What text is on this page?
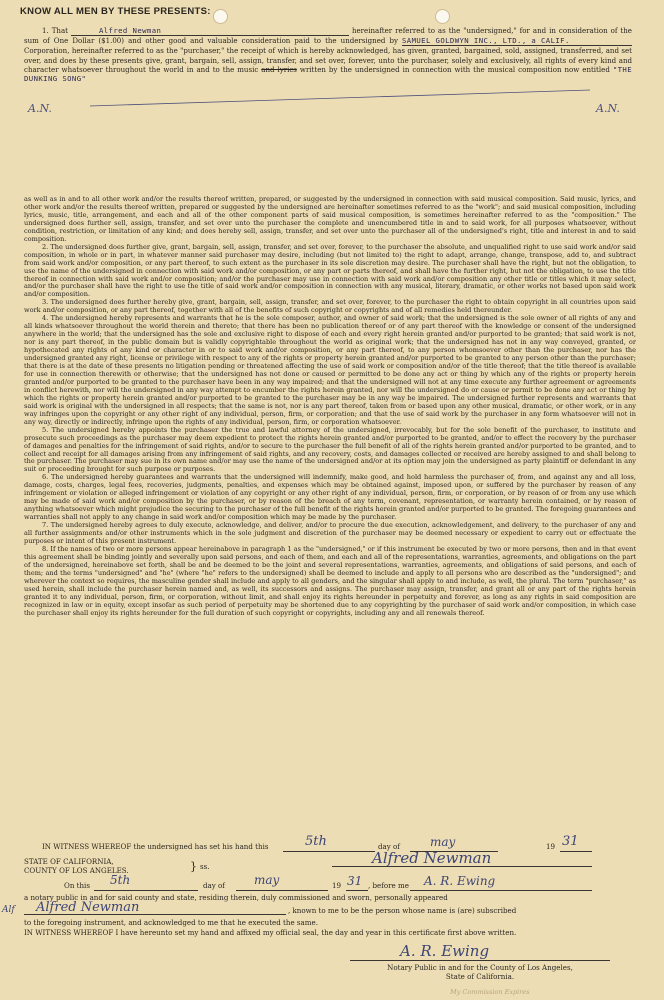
KNOW ALL MEN BY THESE PRESENTS:

1. That	Alfred Newman	hereinafter referred to as the "undersigned," for and in consideration of the sum of One Dollar ($1.00) and other good and valuable consideration paid to the undersigned by SAMUEL GOLDWYN INC., LTD., a CALIF. Corporation, hereinafter referred to as the "purchaser," the receipt of which is hereby acknowledged, has given, granted, bargained, sold, assigned, transferred, and set over, and does by these presents give, grant, bargain, sell, assign, transfer, and set over, forever, unto the purchaser, solely and exclusively, all rights of every kind and character whatsoever throughout the world in and to the music and lyrics written by the undersigned in connection with the musical composition now entitled "THE DUNKING SONG"

A.N.	A.N.

as well as in and to all other work and/or the results thereof written, prepared, or suggested by the undersigned in connection with said musical composition. Said music, lyrics, and other work and/or the results thereof written, prepared or suggested by the undersigned are hereinafter sometimes referred to as the "work"; and said musical composition, including lyrics, music, title, arrangement, and each and all of the other component parts of said musical composition, is sometimes hereinafter referred to as the "composition." The undersigned does further sell, assign, transfer, and set over unto the purchaser the complete and unencumbered title in and to said work, for all purposes whatsoever, without condition, restriction, or limitation of any kind; and does hereby sell, assign, transfer, and set over unto the purchaser all of the undersigned's right, title and interest in and to said composition.

2. The undersigned does further give, grant, bargain, sell, assign, transfer, and set over, forever, to the purchaser the absolute, and unqualified right to use said work and/or said composition, in whole or in part, in whatever manner said purchaser may desire, including (but not limited to) the right to adapt, arrange, change, transpose, add to, and subtract from said work and/or composition, or any part thereof, to such extent as the purchaser in its sole discretion may desire. The purchaser shall have the right, but not the obligation, to use the name of the undersigned in connection with said work and/or composition, or any part or parts thereof, and shall have the further right, but not the obligation, to use the title thereof in connection with said work and/or composition; and/or the purchaser may use in connection with said work and/or composition any other title or titles which it may select, and/or the purchaser shall have the right to use the title of said work and/or composition in connection with any musical, literary, dramatic, or other works not based upon said work and/or composition.

3. The undersigned does further hereby give, grant, bargain, sell, assign, transfer, and set over, forever, to the purchaser the right to obtain copyright in all countries upon said work and/or composition, or any part thereof, together with all of the benefits of such copyright or copyrights and of all remedies held thereunder.

4. The undersigned hereby represents and warrants that he is the sole composer, author, and owner of said work; that the undersigned is the sole owner of all rights of any and all kinds whatsoever throughout the world therein and thereto; that there has been no publication thereof or of any part thereof with the knowledge or consent of the undersigned anywhere in the world; that the undersigned has the sole and exclusive right to dispose of each and every right herein granted and/or purported to be granted; that said work is not, nor is any part thereof, in the public domain but is validly copyrightable throughout the world as original work; that the undersigned has not in any way conveyed, granted, or hypothecated any rights of any kind or character in or to said work and/or composition, or any part thereof, to any person whomsoever other than the purchaser, nor has the undersigned granted any right, license or privilege with respect to any of the rights or property herein granted and/or purported to be granted to any person other than the purchaser; that there is at the date of these presents no litigation pending or threatened affecting the use of said work or composition and/or of the title thereof; that the title thereof is available for use in connection therewith or otherwise; that the undersigned has not done or caused or permitted to be done any act or thing by which any of the rights or property herein granted and/or purported to be granted to the purchaser have been in any way impaired; and that the undersigned will not at any time execute any further agreement or agreements in conflict herewith, nor will the undersigned in any way attempt to encumber the rights herein granted, nor will the undersigned do or cause or permit to be done any act or thing by which the rights or property herein granted and/or purported to be granted to the purchaser may be in any way be impaired. The undersigned further represents and warrants that said work is original with the undersigned in all respects; that the same is not, nor is any part thereof, taken from or based upon any other musical, dramatic, or other work, or in any way infringes upon the copyright or any other right of any individual, person, firm, or corporation; and that the use of said work by the purchaser in any form whatsoever will not in any way, directly or indirectly, infringe upon the rights of any individual, person, firm, or corporation whatsoever.

5. The undersigned hereby appoints the purchaser the true and lawful attorney of the undersigned, irrevocably, but for the sole benefit of the purchaser, to institute and prosecute such proceedings as the purchaser may deem expedient to protect the rights herein granted and/or purported to be granted, and/or to effect the recovery by the purchaser of damages and penalties for the infringement of said rights, and/or to secure to the purchaser the full benefit of all of the rights herein granted and/or purported to be granted, and to collect and receipt for all damages arising from any infringement of said rights, and any recovery, costs, and damages collected or received are hereby assigned to and shall belong to the purchaser. The purchaser may sue in its own name and/or may use the name of the undersigned and/or at its option may join the undersigned as party plaintiff or defendant in any suit or proceeding brought for such purpose or purposes.

6. The undersigned hereby guarantees and warrants that the undersigned will indemnify, make good, and hold harmless the purchaser of, from, and against any and all loss, damage, costs, charges, legal fees, recoveries, judgments, penalties, and expenses which may be obtained against, imposed upon, or suffered by the purchaser by reason of any infringement or violation or alleged infringement or violation of any copyright or any other right of any individual, person, firm, or corporation, or by reason of or from any use which may be made of said work and/or composition by the purchaser, or by reason of the breach of any term, covenant, representation, or warranty herein contained, or by reason of anything whatsoever which might prejudice the securing to the purchaser of the full benefit of the rights herein granted and/or purported to be granted. The foregoing guarantees and warranties shall not apply to any change in said work and/or composition which may be made by the purchaser.

7. The undersigned hereby agrees to duly execute, acknowledge, and deliver, and/or to procure the due execution, acknowledgement, and delivery, to the purchaser of any and all further assignments and/or other instruments which in the sole judgment and discretion of the purchaser may be deemed necessary or expedient to carry out or effectuate the purposes or intent of this present instrument.

8. If the names of two or more persons appear hereinabove in paragraph 1 as the "undersigned," or if this instrument be executed by two or more persons, then and in that event this agreement shall be binding jointly and severally upon said persons, and each of them, and each and all of the representations, warranties, agreements, and obligations on the part of the undersigned, hereinabove set forth, shall be and be deemed to be the joint and several representations, warranties, agreements, and obligations of said persons, and each of them; and the terms "undersigned" and "he" (where "he" refers to the undersigned) shall be deemed to include and apply to all persons who are described as the "undersigned"; and wherever the context so requires, the masculine gender shall include and apply to all genders, and the singular shall apply to and include, as well, the plural. The term "purchaser," as used herein, shall include the purchaser herein named and, as well, its successors and assigns. The purchaser may assign, transfer, and grant all or any part of the rights herein granted it to any individual, person, firm, or corporation, without limit, and shall enjoy its rights hereunder in perpetuity and forever, as long as any rights in said composition are recognized in law or in equity, except insofar as such period of perpetuity may be shortened due to any copyrighting by the purchaser of said work and/or composition, in which case the purchaser shall enjoy its rights hereunder for the full duration of such copyright or copyrights, including any and all renewals thereof.

IN WITNESS WHEREOF the undersigned has set his hand this	5th	day of	may	19 31
Alfred Newman
STATE OF CALIFORNIA,
COUNTY OF LOS ANGELES.	} ss.
On this 5th	day of may	19 31 , before me A. R. Ewing
a notary public in and for said county and state, residing therein, duly commissioned and sworn, personally appeared
Alf Alfred Newman	, known to me to be the person whose name is (are) subscribed
to the foregoing instrument, and acknowledged to me that he executed the same.
IN WITNESS WHEREOF I have hereunto set my hand and affixed my official seal, the day and year in this certificate first above written.
A. R. Ewing
Notary Public in and for the County of Los Angeles,
State of California.
My Commission Expires
